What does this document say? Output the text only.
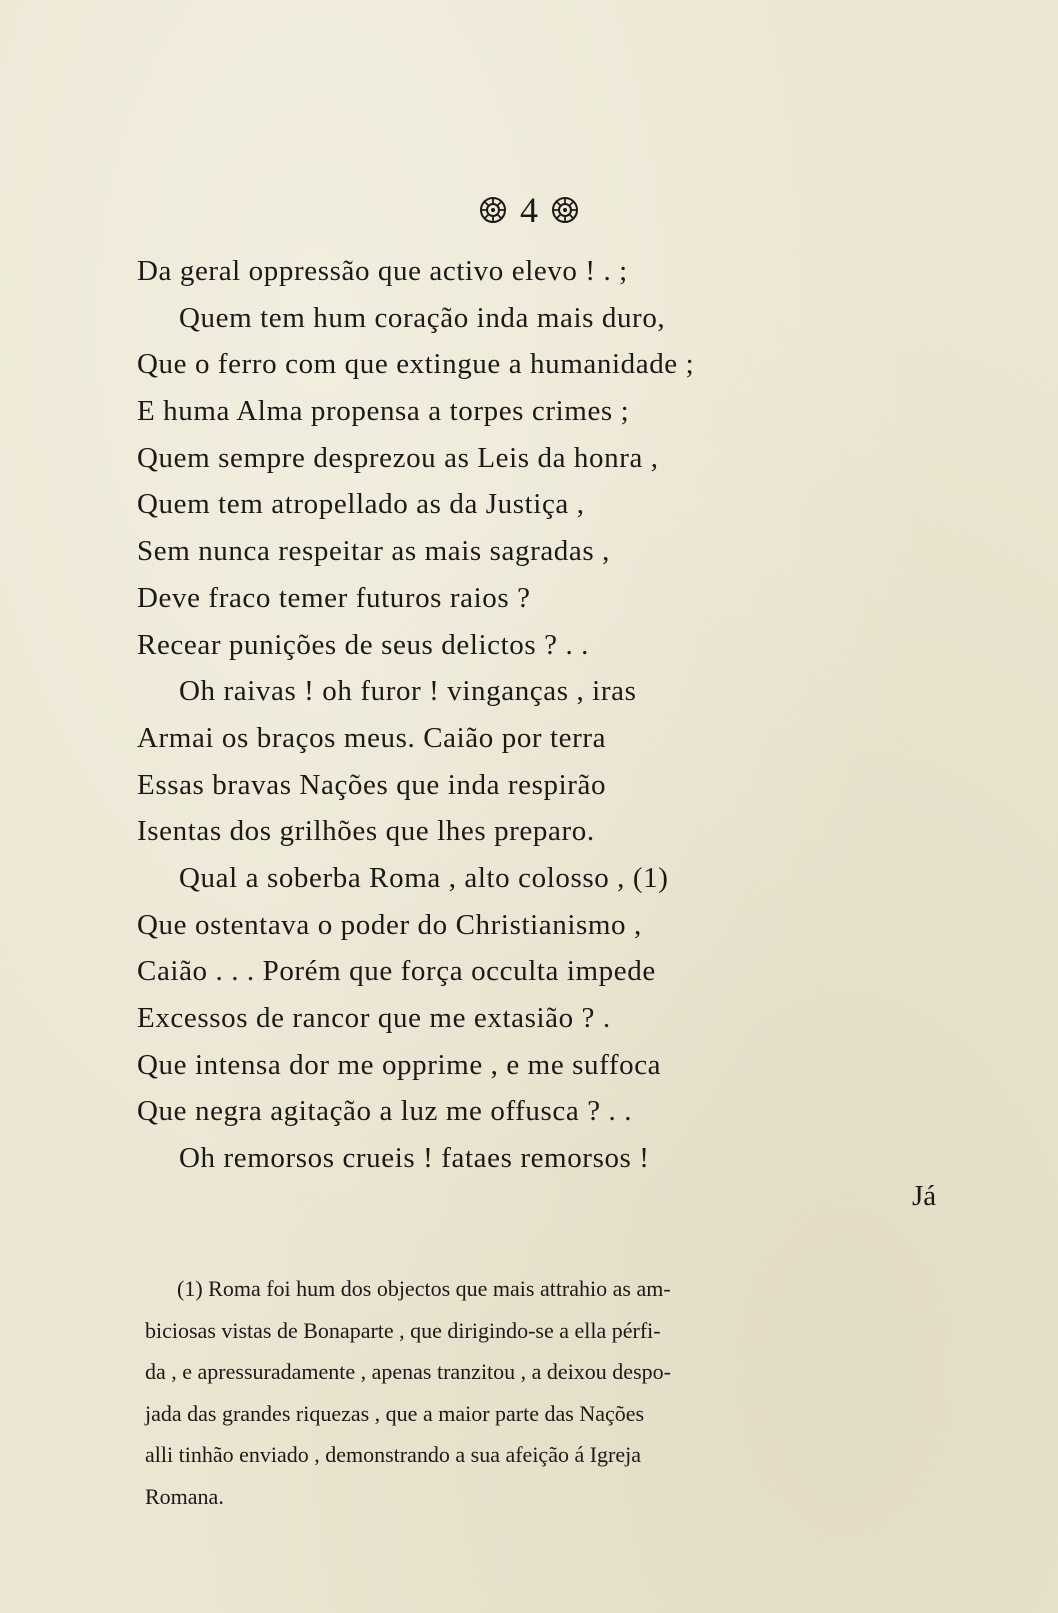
4
Da geral oppressão que activo elevo ! . ;
Quem tem hum coração inda mais duro,
Que o ferro com que extingue a humanidade ;
E huma Alma propensa a torpes crimes ;
Quem sempre desprezou as Leis da honra ,
Quem tem atropellado as da Justiça ,
Sem nunca respeitar as mais sagradas ,
Deve fraco temer futuros raios ?
Recear punições de seus delictos ? . .
Oh raivas ! oh furor ! vinganças , iras
Armai os braços meus. Caião por terra
Essas bravas Nações que inda respirão
Isentas dos grilhões que lhes preparo.
Qual a soberba Roma , alto colosso , (1)
Que ostentava o poder do Christianismo ,
Caião . . . Porém que força occulta impede
Excessos de rancor que me extasião ? .
Que intensa dor me opprime , e me suffoca
Que negra agitação a luz me offusca ? . .
Oh remorsos crueis ! fataes remorsos !
Já
(1) Roma foi hum dos objectos que mais attrahio as am-
biciosas vistas de Bonaparte , que dirigindo-se a ella pérfi-
da , e apressuradamente , apenas tranzitou , a deixou despo-
jada das grandes riquezas , que a maior parte das Nações
alli tinhão enviado , demonstrando a sua afeição á Igreja
Romana.
